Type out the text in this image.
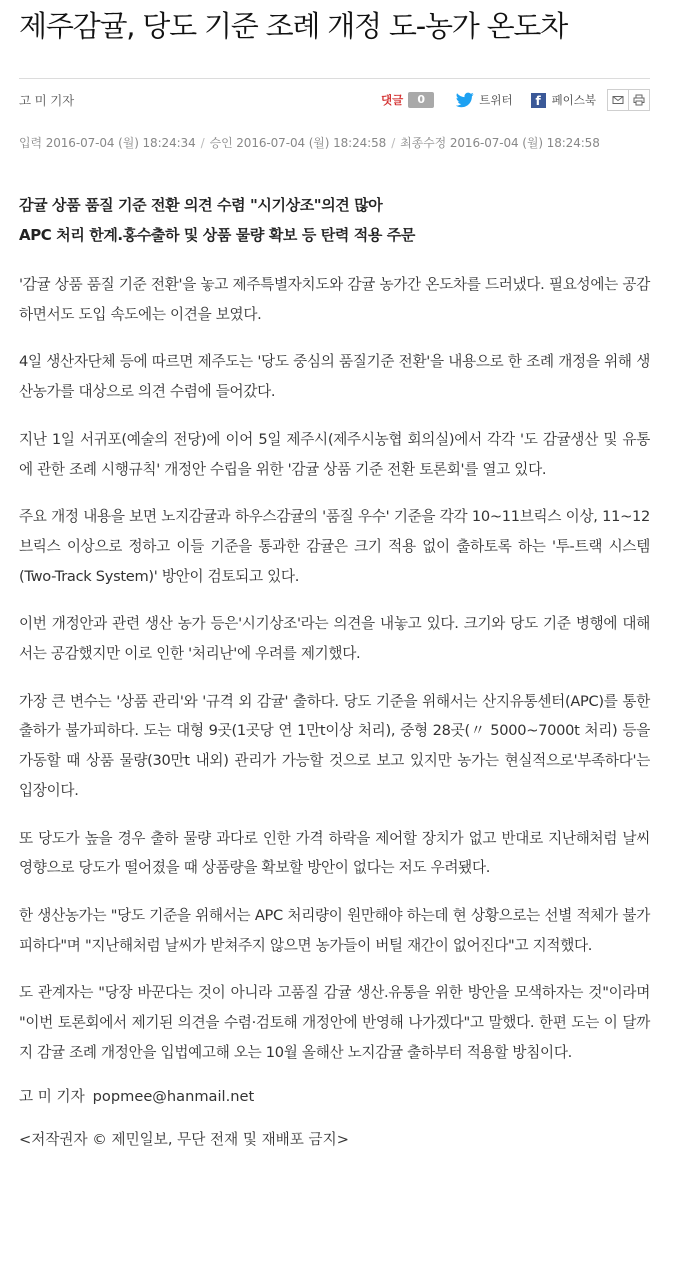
제주감귤, 당도 기준 조례 개정 도-농가 온도차
고 미 기자	댓글	0	트위터	f 페이스북
입력 2016-07-04 (월) 18:24:34 / 승인 2016-07-04 (월) 18:24:58 / 최종수정 2016-07-04 (월) 18:24:58
감귤 상품 품질 기준 전환 의견 수렴 "시기상조"의견 많아
APC 처리 한계.홍수출하 및 상품 물량 확보 등 탄력 적용 주문

'감귤 상품 품질 기준 전환'을 놓고 제주특별자치도와 감귤 농가간 온도차를 드러냈다. 필요성에는 공감하면서도 도입 속도에는 이견을 보였다.

4일 생산자단체 등에 따르면 제주도는 '당도 중심의 품질기준 전환'을 내용으로 한 조례 개정을 위해 생산농가를 대상으로 의견 수렴에 들어갔다.

지난 1일 서귀포(예술의 전당)에 이어 5일 제주시(제주시농협 회의실)에서 각각 '도 감귤생산 및 유통에 관한 조례 시행규칙' 개정안 수립을 위한 '감귤 상품 기준 전환 토론회'를 열고 있다.

주요 개정 내용을 보면 노지감귤과 하우스감귤의 '품질 우수' 기준을 각각 10~11브릭스 이상, 11~12브릭스 이상으로 정하고 이들 기준을 통과한 감귤은 크기 적용 없이 출하토록 하는 '투-트랙 시스템(Two-Track System)' 방안이 검토되고 있다.

이번 개정안과 관련 생산 농가 등은'시기상조'라는 의견을 내놓고 있다. 크기와 당도 기준 병행에 대해서는 공감했지만 이로 인한 '처리난'에 우려를 제기했다.

가장 큰 변수는 '상품 관리'와 '규격 외 감귤' 출하다. 당도 기준을 위해서는 산지유통센터(APC)를 통한 출하가 불가피하다. 도는 대형 9곳(1곳당 연 1만t이상 처리), 중형 28곳(〃 5000~7000t 처리) 등을 가동할 때 상품 물량(30만t 내외) 관리가 가능할 것으로 보고 있지만 농가는 현실적으로'부족하다'는 입장이다.

또 당도가 높을 경우 출하 물량 과다로 인한 가격 하락을 제어할 장치가 없고 반대로 지난해처럼 날씨 영향으로 당도가 떨어졌을 때 상품량을 확보할 방안이 없다는 저도 우려됐다.

한 생산농가는 "당도 기준을 위해서는 APC 처리량이 원만해야 하는데 현 상황으로는 선별 적체가 불가피하다"며 "지난해처럼 날씨가 받쳐주지 않으면 농가들이 버틸 재간이 없어진다"고 지적했다.

도 관계자는 "당장 바꾼다는 것이 아니라 고품질 감귤 생산.유통을 위한 방안을 모색하자는 것"이라며 "이번 토론회에서 제기된 의견을 수렴·검토해 개정안에 반영해 나가겠다"고 말했다. 한편 도는 이 달까지 감귤 조례 개정안을 입법예고해 오는 10월 올해산 노지감귤 출하부터 적용할 방침이다.

고 미 기자 popmee@hanmail.net
<저작권자 © 제민일보, 무단 전재 및 재배포 금지>
